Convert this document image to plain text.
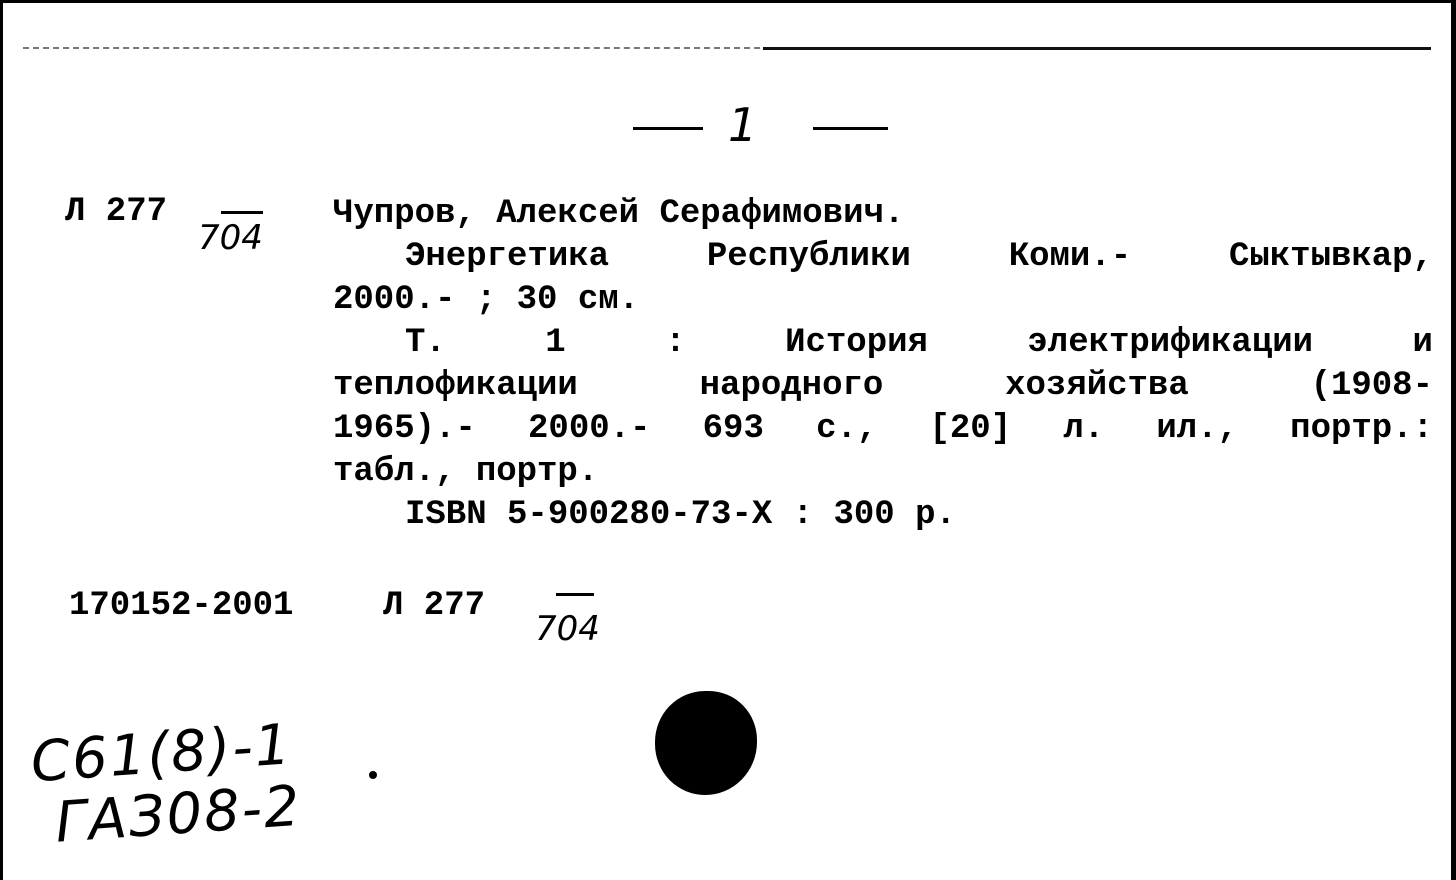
1
Л 277
704
Чупров, Алексей Серафимович.
Энергетика	Республики	Коми.-	Сыктывкар,
2000.- ; 30 см.
Т.	1	:	История	электрификации	и
теплофикации	народного	хозяйства	(1908-
1965).- 2000.- 693 с., [20] л. ил., портр.:
табл., портр.
ISBN 5-900280-73-X : 300 р.
170152-2001	Л 277
704
С61(8)-1
ГАЗ08-2
